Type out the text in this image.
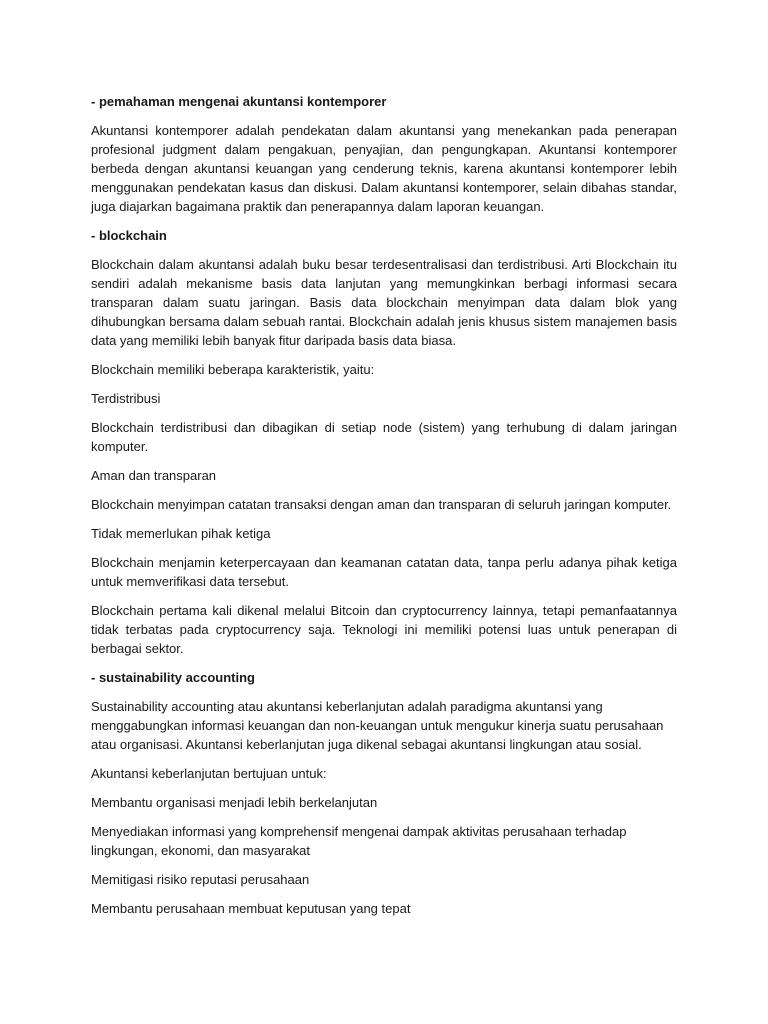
- pemahaman mengenai akuntansi kontemporer
Akuntansi kontemporer adalah pendekatan dalam akuntansi yang menekankan pada penerapan profesional judgment dalam pengakuan, penyajian, dan pengungkapan. Akuntansi kontemporer berbeda dengan akuntansi keuangan yang cenderung teknis, karena akuntansi kontemporer lebih menggunakan pendekatan kasus dan diskusi. Dalam akuntansi kontemporer, selain dibahas standar, juga diajarkan bagaimana praktik dan penerapannya dalam laporan keuangan.
- blockchain
Blockchain dalam akuntansi adalah buku besar terdesentralisasi dan terdistribusi. Arti Blockchain itu sendiri adalah mekanisme basis data lanjutan yang memungkinkan berbagi informasi secara transparan dalam suatu jaringan. Basis data blockchain menyimpan data dalam blok yang dihubungkan bersama dalam sebuah rantai. Blockchain adalah jenis khusus sistem manajemen basis data yang memiliki lebih banyak fitur daripada basis data biasa.
Blockchain memiliki beberapa karakteristik, yaitu:
Terdistribusi
Blockchain terdistribusi dan dibagikan di setiap node (sistem) yang terhubung di dalam jaringan komputer.
Aman dan transparan
Blockchain menyimpan catatan transaksi dengan aman dan transparan di seluruh jaringan komputer.
Tidak memerlukan pihak ketiga
Blockchain menjamin keterpercayaan dan keamanan catatan data, tanpa perlu adanya pihak ketiga untuk memverifikasi data tersebut.
Blockchain pertama kali dikenal melalui Bitcoin dan cryptocurrency lainnya, tetapi pemanfaatannya tidak terbatas pada cryptocurrency saja. Teknologi ini memiliki potensi luas untuk penerapan di berbagai sektor.
- sustainability accounting
Sustainability accounting atau akuntansi keberlanjutan adalah paradigma akuntansi yang menggabungkan informasi keuangan dan non-keuangan untuk mengukur kinerja suatu perusahaan atau organisasi. Akuntansi keberlanjutan juga dikenal sebagai akuntansi lingkungan atau sosial.
Akuntansi keberlanjutan bertujuan untuk:
Membantu organisasi menjadi lebih berkelanjutan
Menyediakan informasi yang komprehensif mengenai dampak aktivitas perusahaan terhadap lingkungan, ekonomi, dan masyarakat
Memitigasi risiko reputasi perusahaan
Membantu perusahaan membuat keputusan yang tepat
